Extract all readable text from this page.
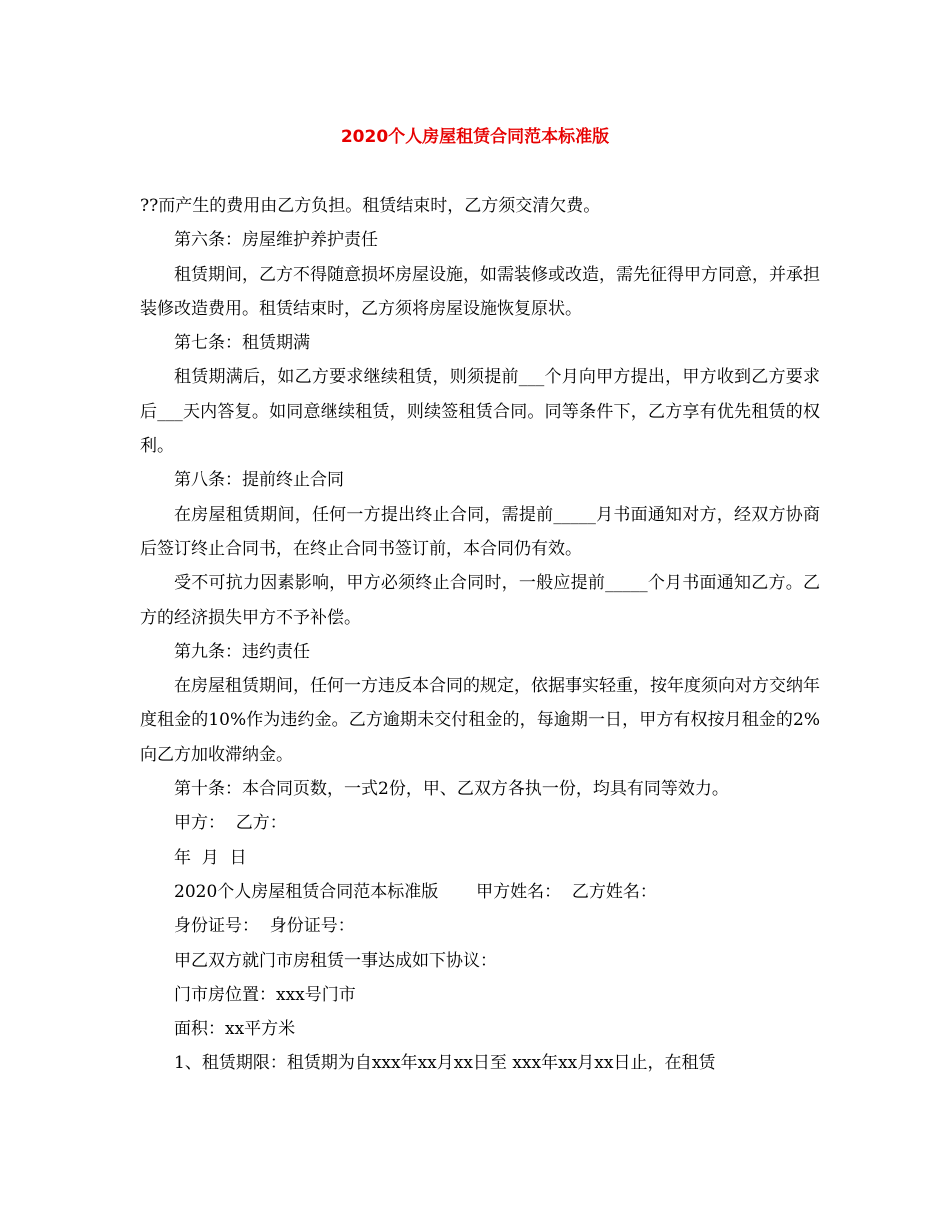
2020个人房屋租赁合同范本标准版

??而产生的费用由乙方负担。租赁结束时，乙方须交清欠费。

第六条：房屋维护养护责任

租赁期间，乙方不得随意损坏房屋设施，如需装修或改造，需先征得甲方同意，并承担装修改造费用。租赁结束时，乙方须将房屋设施恢复原状。

第七条：租赁期满

租赁期满后，如乙方要求继续租赁，则须提前___个月向甲方提出，甲方收到乙方要求后___天内答复。如同意继续租赁，则续签租赁合同。同等条件下，乙方享有优先租赁的权利。

第八条：提前终止合同

在房屋租赁期间，任何一方提出终止合同，需提前_____月书面通知对方，经双方协商后签订终止合同书，在终止合同书签订前，本合同仍有效。

受不可抗力因素影响，甲方必须终止合同时，一般应提前_____个月书面通知乙方。乙方的经济损失甲方不予补偿。

第九条：违约责任

在房屋租赁期间，任何一方违反本合同的规定，依据事实轻重，按年度须向对方交纳年度租金的10%作为违约金。乙方逾期未交付租金的，每逾期一日，甲方有权按月租金的2%向乙方加收滞纳金。

第十条：本合同页数，一式2份，甲、乙双方各执一份，均具有同等效力。

甲方：  乙方：

年  月  日

2020个人房屋租赁合同范本标准版       甲方姓名：  乙方姓名：

身份证号：  身份证号：

甲乙双方就门市房租赁一事达成如下协议：

门市房位置：xxx号门市

面积：xx平方米

1、租赁期限：租赁期为自xxx年xx月xx日至 xxx年xx月xx日止，在租赁
